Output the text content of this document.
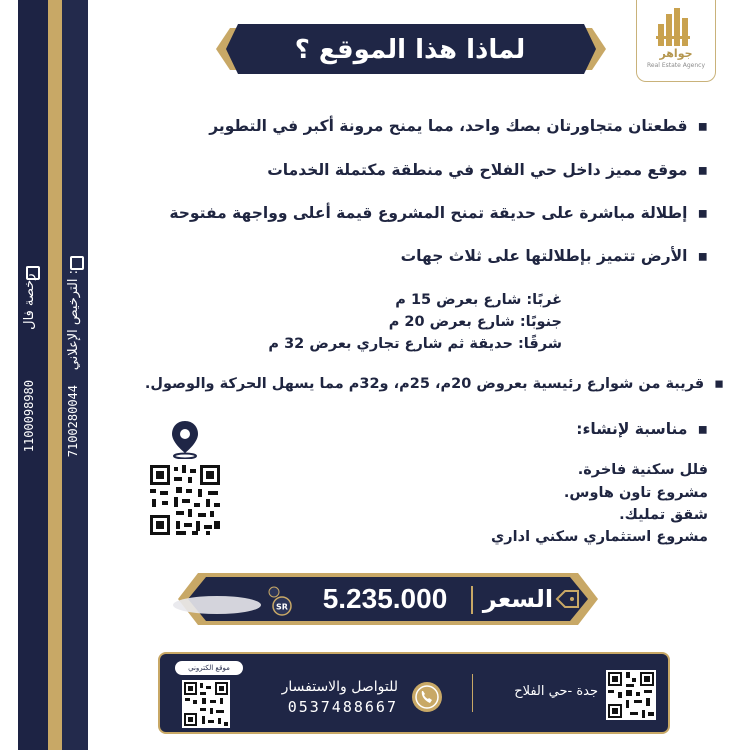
رخصة فال :
1100098980
الترخيص الإعلاني :
7100280044
جواهر
Real Estate Agency
لماذا هذا الموقع ؟
▪قطعتان متجاورتان بصك واحد، مما يمنح مرونة أكبر في التطوير
▪موقع مميز داخل حي الفلاح في منطقة مكتملة الخدمات
▪إطلالة مباشرة على حديقة تمنح المشروع قيمة أعلى وواجهة مفتوحة
▪الأرض تتميز بإطلالتها على ثلاث جهات
غربًا: شارع بعرض 15 م
جنوبًا: شارع بعرض 20 م
شرقًا: حديقة ثم شارع تجاري بعرض 32 م
▪قريبة من شوارع رئيسية بعروض 20م، 25م، و32م مما يسهل الحركة والوصول.
▪مناسبة لإنشاء:
فلل سكنية فاخرة.
مشروع تاون هاوس.
شقق تمليك.
مشروع استثماري سكني اداري
SR	5.235.000	السعر
موقع الكتروني
للتواصل والاستفسار
0537488667
جدة -حي الفلاح
